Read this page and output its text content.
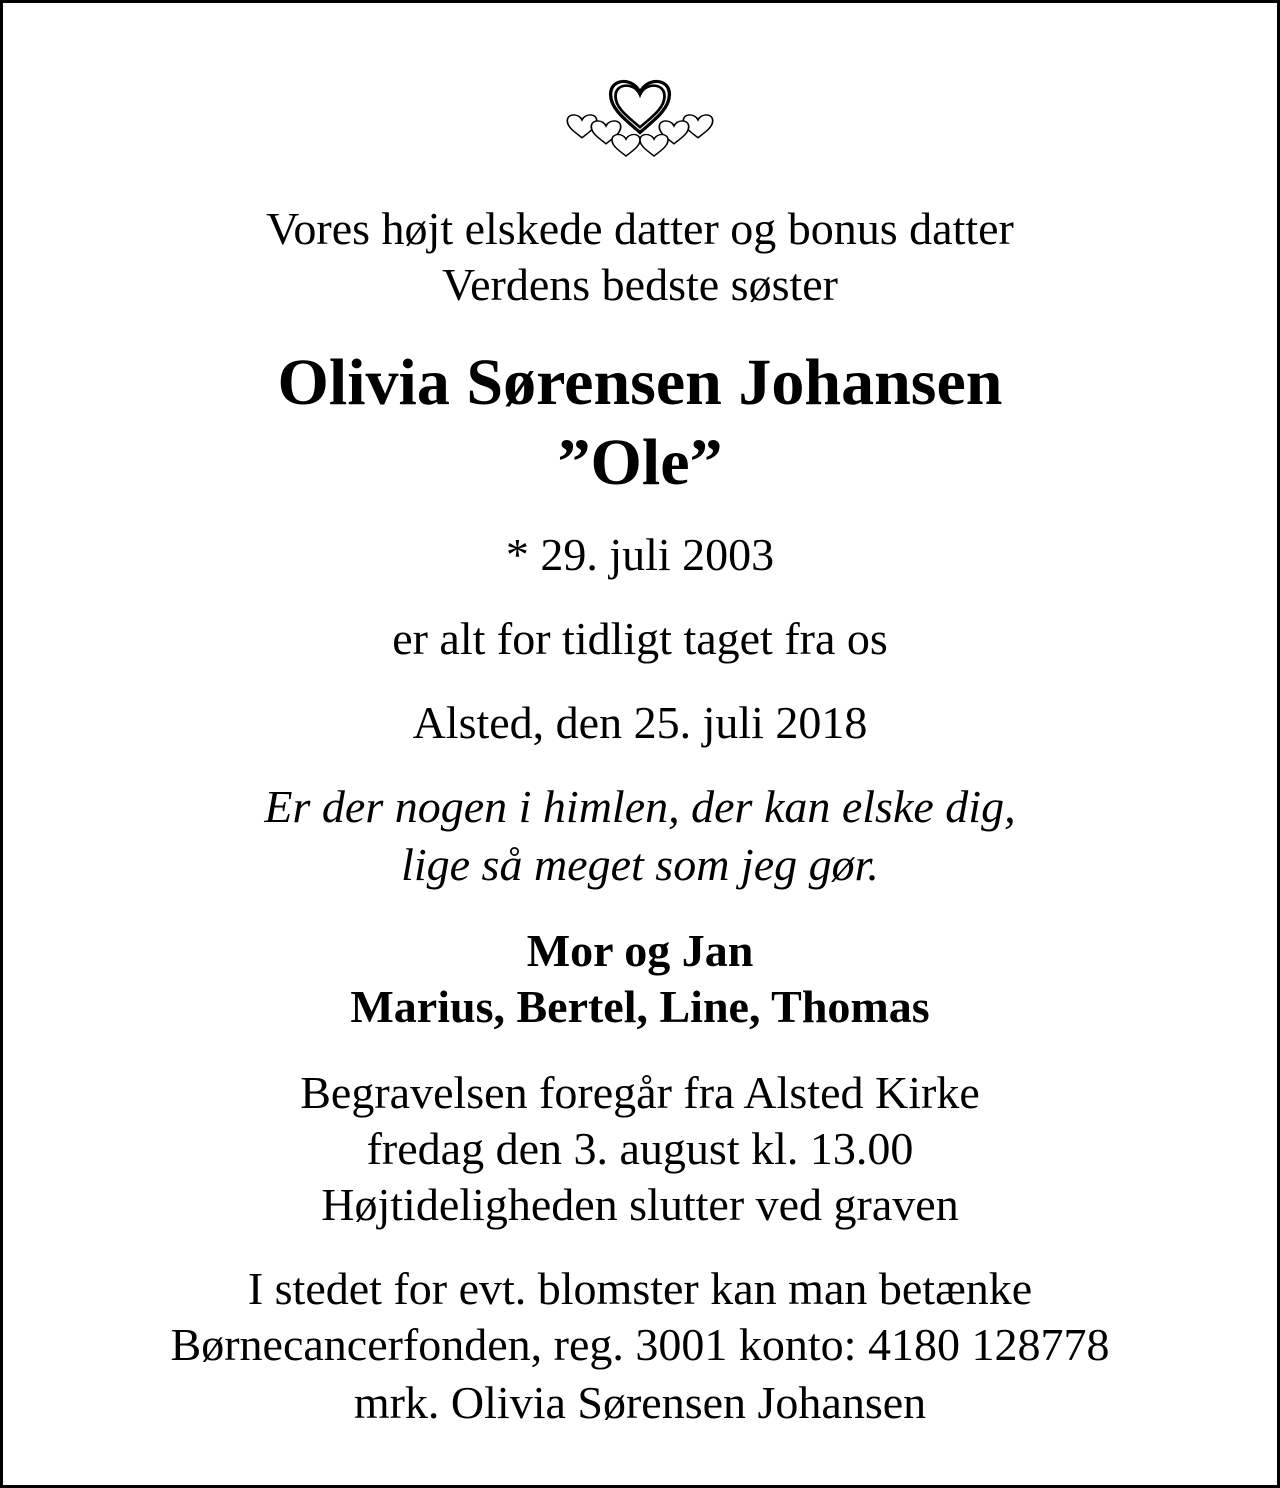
Vores højt elskede datter og bonus datter
Verdens bedste søster
Olivia Sørensen Johansen
”Ole”
* 29. juli 2003
er alt for tidligt taget fra os
Alsted, den 25. juli 2018
Er der nogen i himlen, der kan elske dig,
lige så meget som jeg gør.
Mor og Jan
Marius, Bertel, Line, Thomas
Begravelsen foregår fra Alsted Kirke
fredag den 3. august kl. 13.00
Højtideligheden slutter ved graven
I stedet for evt. blomster kan man betænke
Børnecancerfonden, reg. 3001 konto: 4180 128778
mrk. Olivia Sørensen Johansen
